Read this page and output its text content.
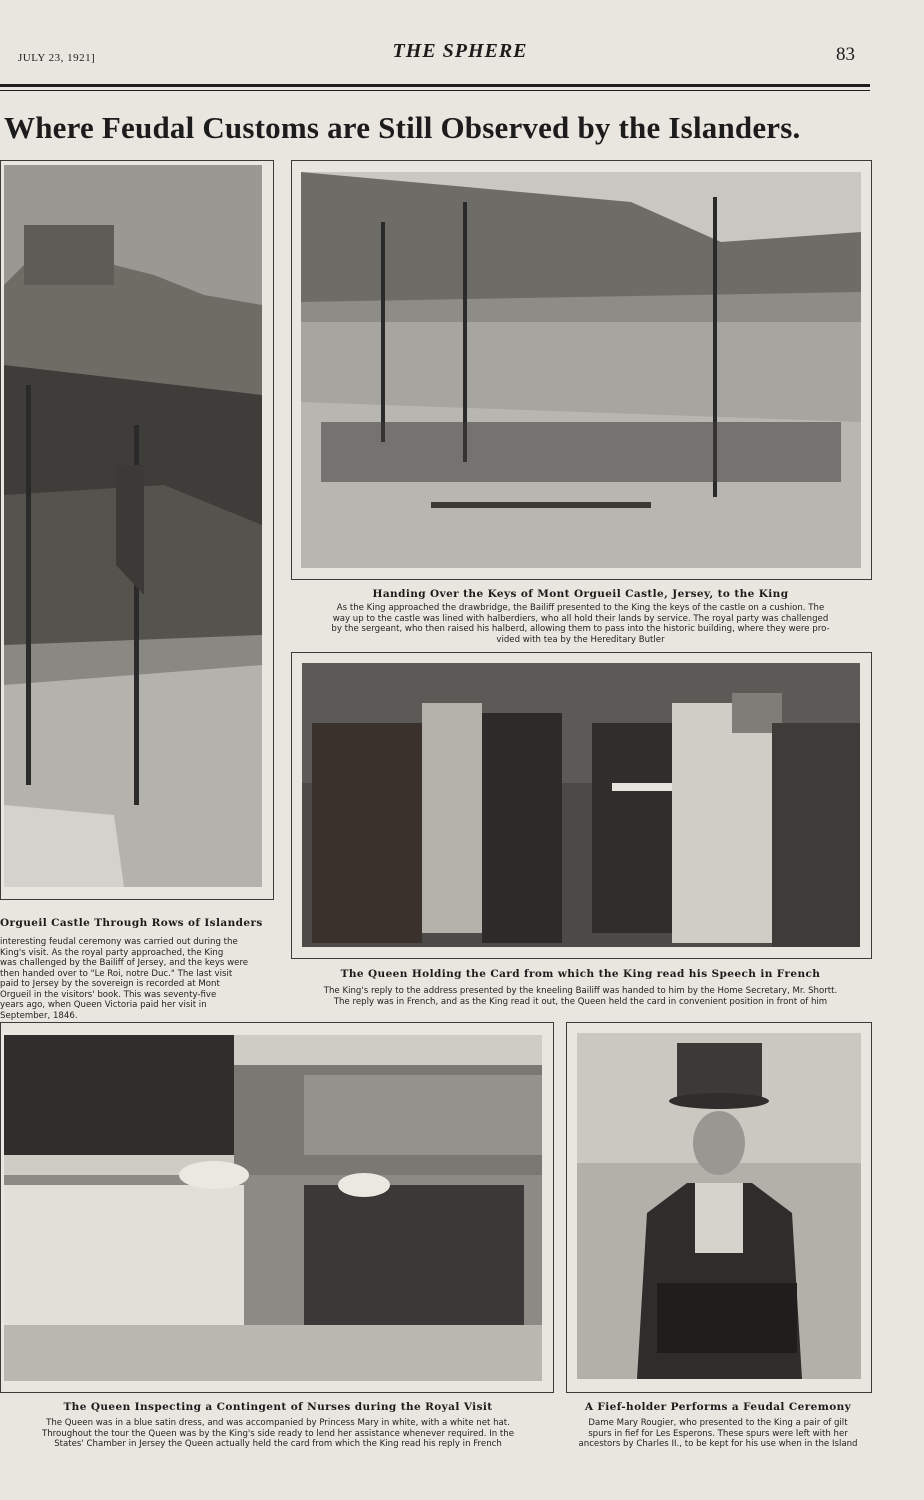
JULY 23, 1921]	THE SPHERE	83
Where Feudal Customs are Still Observed by the Islanders.
Orgueil Castle Through Rows of Islanders
interesting feudal ceremony was carried out during the
King's visit. As the royal party approached, the King
was challenged by the Bailiff of Jersey, and the keys were
then handed over to "Le Roi, notre Duc." The last visit
paid to Jersey by the sovereign is recorded at Mont
Orgueil in the visitors' book. This was seventy-five
years ago, when Queen Victoria paid her visit in
September, 1846.
Handing Over the Keys of Mont Orgueil Castle, Jersey, to the King
As the King approached the drawbridge, the Bailiff presented to the King the keys of the castle on a cushion. The
way up to the castle was lined with halberdiers, who all hold their lands by service. The royal party was challenged
by the sergeant, who then raised his halberd, allowing them to pass into the historic building, where they were pro-
vided with tea by the Hereditary Butler
The Queen Holding the Card from which the King read his Speech in French
The King's reply to the address presented by the kneeling Bailiff was handed to him by the Home Secretary, Mr. Shortt.
The reply was in French, and as the King read it out, the Queen held the card in convenient position in front of him
The Queen Inspecting a Contingent of Nurses during the Royal Visit
The Queen was in a blue satin dress, and was accompanied by Princess Mary in white, with a white net hat.
Throughout the tour the Queen was by the King's side ready to lend her assistance whenever required. In the
States' Chamber in Jersey the Queen actually held the card from which the King read his reply in French
A Fief-holder Performs a Feudal Ceremony
Dame Mary Rougier, who presented to the King a pair of gilt
spurs in fief for Les Esperons. These spurs were left with her
ancestors by Charles II., to be kept for his use when in the Island
